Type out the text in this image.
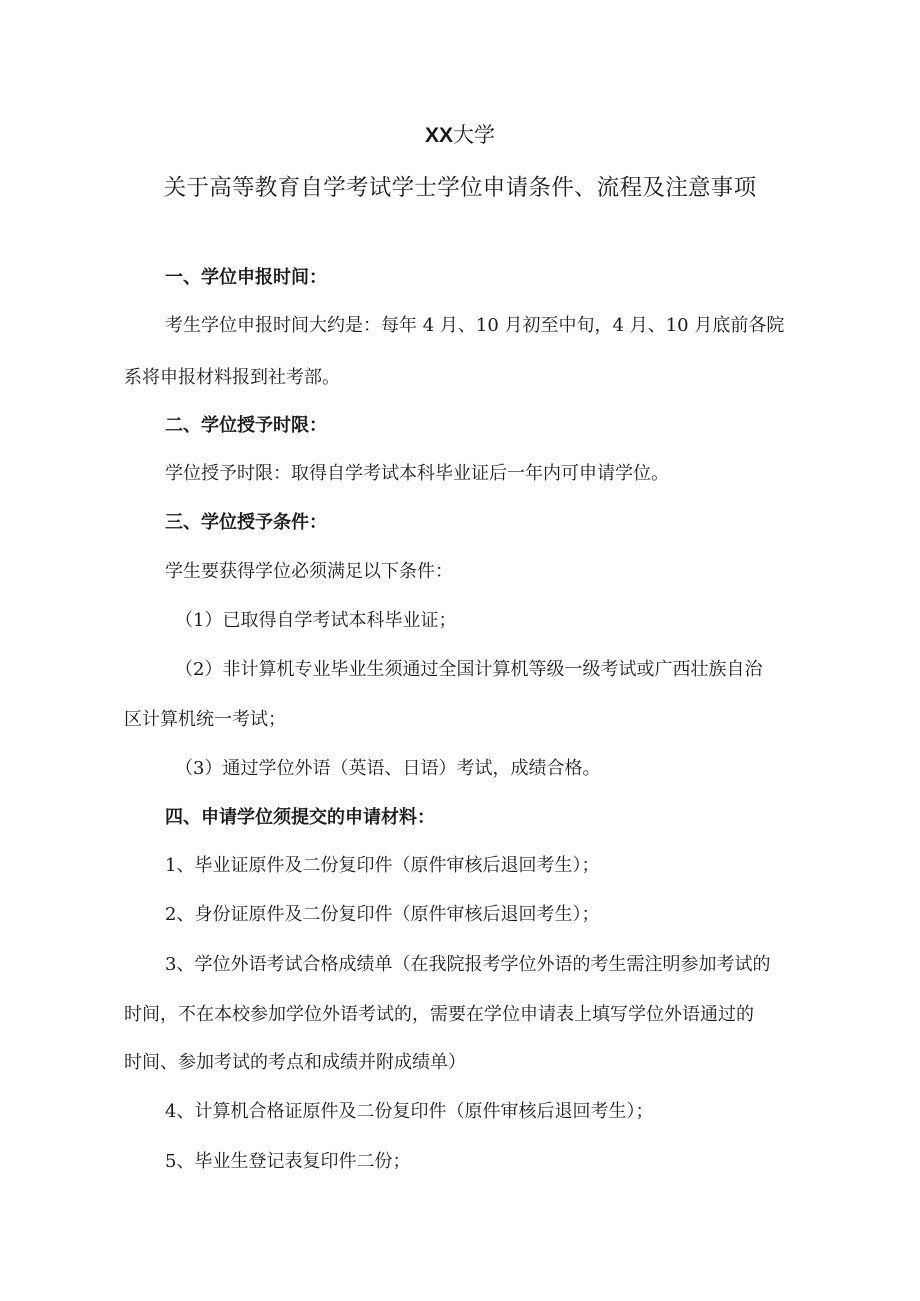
XX大学
关于高等教育自学考试学士学位申请条件、流程及注意事项
一、学位申报时间：
考生学位申报时间大约是：每年 4 月、10 月初至中旬，4 月、10 月底前各院
系将申报材料报到社考部。
二、学位授予时限：
学位授予时限：取得自学考试本科毕业证后一年内可申请学位。
三、学位授予条件：
学生要获得学位必须满足以下条件：
（1）已取得自学考试本科毕业证；
（2）非计算机专业毕业生须通过全国计算机等级一级考试或广西壮族自治
区计算机统一考试；
（3）通过学位外语（英语、日语）考试，成绩合格。
四、申请学位须提交的申请材料：
1、毕业证原件及二份复印件（原件审核后退回考生）；
2、身份证原件及二份复印件（原件审核后退回考生）；
3、学位外语考试合格成绩单（在我院报考学位外语的考生需注明参加考试的
时间，不在本校参加学位外语考试的，需要在学位申请表上填写学位外语通过的
时间、参加考试的考点和成绩并附成绩单）
4、计算机合格证原件及二份复印件（原件审核后退回考生）；
5、毕业生登记表复印件二份；
